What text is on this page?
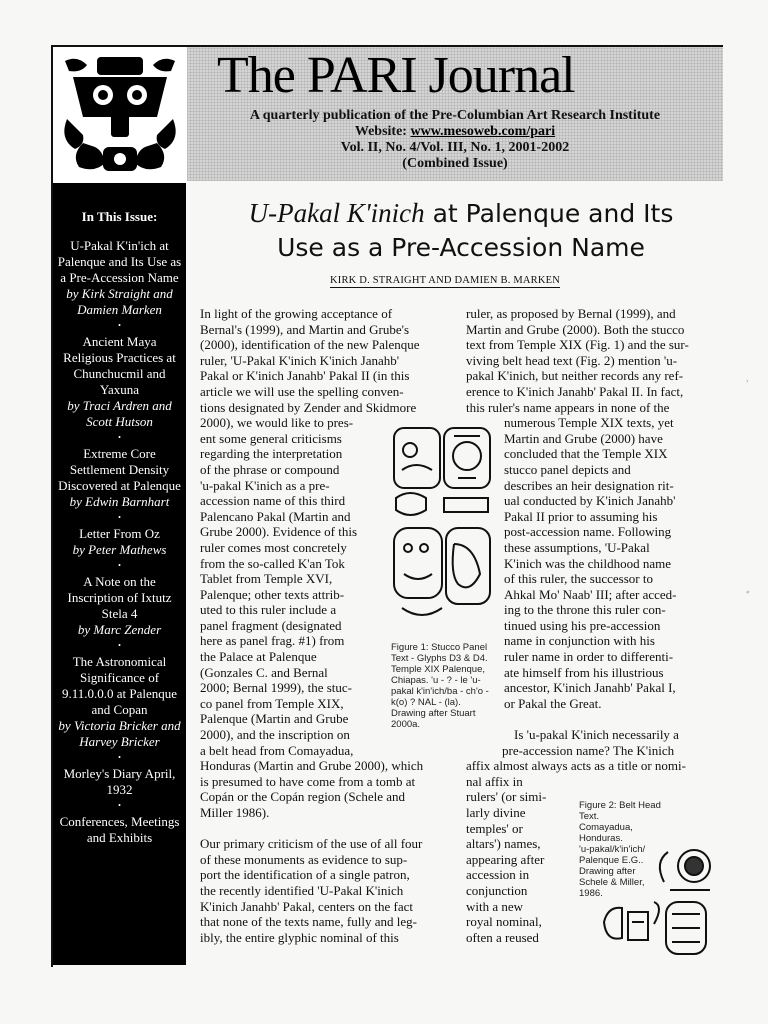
The PARI Journal
A quarterly publication of the Pre-Columbian Art Research Institute
Website: www.mesoweb.com/pari
Vol. II, No. 4/Vol. III, No. 1, 2001-2002
(Combined Issue)
In This Issue:
U-Pakal K'in'ich at Palenque and Its Use as a Pre-Accession Name
by Kirk Straight and Damien Marken
•
Ancient Maya Religious Practices at Chunchucmil and Yaxuna
by Traci Ardren and Scott Hutson
•
Extreme Core Settlement Density Discovered at Palenque
by Edwin Barnhart
•
Letter From Oz
by Peter Mathews
•
A Note on the Inscription of Ixtutz Stela 4
by Marc Zender
•
The Astronomical Significance of 9.11.0.0.0 at Palenque and Copan
by Victoria Bricker and Harvey Bricker
•
Morley's Diary April, 1932
•
Conferences, Meetings and Exhibits
U-Pakal K'inich at Palenque and Its
Use as a Pre-Accession Name
KIRK D. STRAIGHT AND DAMIEN B. MARKEN
In light of the growing acceptance of
Bernal's (1999), and Martin and Grube's
(2000), identification of the new Palenque
ruler, 'U-Pakal K'inich K'inich Janahb'
Pakal or K'inich Janahb' Pakal II (in this
article we will use the spelling conven-
tions designated by Zender and Skidmore
2000), we would like to pres-
ent some general criticisms
regarding the interpretation
of the phrase or compound
'u-pakal K'inich as a pre-
accession name of this third
Palencano Pakal (Martin and
Grube 2000). Evidence of this
ruler comes most concretely
from the so-called K'an Tok
Tablet from Temple XVI,
Palenque; other texts attrib-
uted to this ruler include a
panel fragment (designated
here as panel frag. #1) from
the Palace at Palenque
(Gonzales C. and Bernal
2000; Bernal 1999), the stuc-
co panel from Temple XIX,
Palenque (Martin and Grube
2000), and the inscription on
a belt head from Comayadua,
Honduras (Martin and Grube 2000), which
is presumed to have come from a tomb at
Copán or the Copán region (Schele and
Miller 1986).
Our primary criticism of the use of all four
of these monuments as evidence to sup-
port the identification of a single patron,
the recently identified 'U-Pakal K'inich
K'inich Janahb' Pakal, centers on the fact
that none of the texts name, fully and leg-
ibly, the entire glyphic nominal of this
ruler, as proposed by Bernal (1999), and
Martin and Grube (2000). Both the stucco
text from Temple XIX (Fig. 1) and the sur-
viving belt head text (Fig. 2) mention 'u-
pakal K'inich, but neither records any ref-
erence to K'inich Janahb' Pakal II. In fact,
this ruler's name appears in none of the
numerous Temple XIX texts, yet
Martin and Grube (2000) have
concluded that the Temple XIX
stucco panel depicts and
describes an heir designation rit-
ual conducted by K'inich Janahb'
Pakal II prior to assuming his
post-accession name. Following
these assumptions, 'U-Pakal
K'inich was the childhood name
of this ruler, the successor to
Ahkal Mo' Naab' III; after acced-
ing to the throne this ruler con-
tinued using his pre-accession
name in conjunction with his
ruler name in order to differenti-
ate himself from his illustrious
ancestor, K'inich Janahb' Pakal I,
or Pakal the Great.
Is 'u-pakal K'inich necessarily a
pre-accession name? The K'inich
affix almost always acts as a title or nomi-
nal affix in
rulers' (or simi-
larly divine
temples' or
altars') names,
appearing after
accession in
conjunction
with a new
royal nominal,
often a reused
Figure 1: Stucco Panel
Text - Glyphs D3 & D4.
Temple XIX Palenque,
Chiapas. 'u - ? - le 'u-
pakal k'in'ich/ba - ch'o -
k(o) ? NAL - (la).
Drawing after Stuart
2000a.
Figure 2: Belt Head Text.
Comayadua, Honduras.
'u-pakal/k'in'ich/
Palenque E.G..
Drawing after
Schele & Miller,
1986.
›
«
